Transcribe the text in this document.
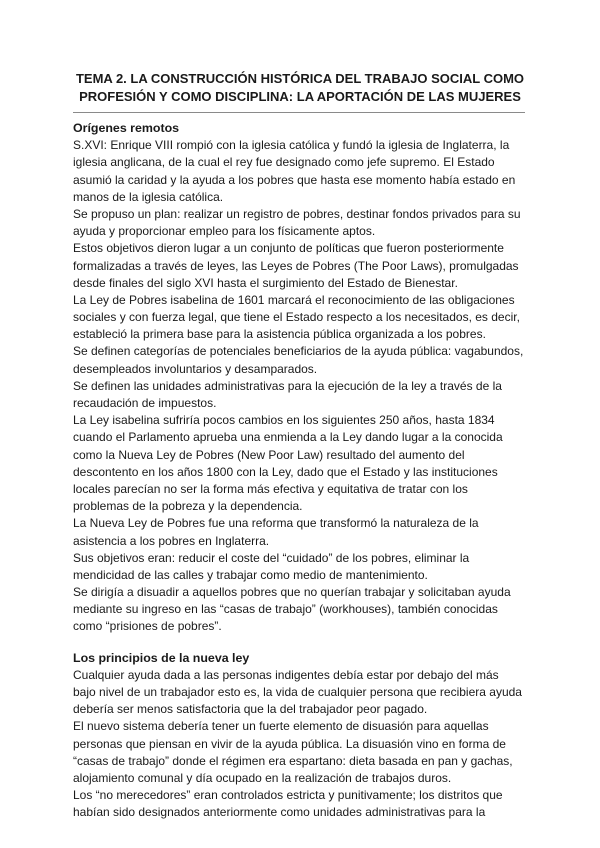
TEMA 2. LA CONSTRUCCIÓN HISTÓRICA DEL TRABAJO SOCIAL COMO
PROFESIÓN Y COMO DISCIPLINA: LA APORTACIÓN DE LAS MUJERES
Orígenes remotos
S.XVI: Enrique VIII rompió con la iglesia católica y fundó la iglesia de Inglaterra, la
iglesia anglicana, de la cual el rey fue designado como jefe supremo. El Estado
asumió la caridad y la ayuda a los pobres que hasta ese momento había estado en
manos de la iglesia católica.
Se propuso un plan: realizar un registro de pobres, destinar fondos privados para su
ayuda y proporcionar empleo para los físicamente aptos.
Estos objetivos dieron lugar a un conjunto de políticas que fueron posteriormente
formalizadas a través de leyes, las Leyes de Pobres (The Poor Laws), promulgadas
desde finales del siglo XVI hasta el surgimiento del Estado de Bienestar.
La Ley de Pobres isabelina de 1601 marcará el reconocimiento de las obligaciones
sociales y con fuerza legal, que tiene el Estado respecto a los necesitados, es decir,
estableció la primera base para la asistencia pública organizada a los pobres.
Se definen categorías de potenciales beneficiarios de la ayuda pública: vagabundos,
desempleados involuntarios y desamparados.
Se definen las unidades administrativas para la ejecución de la ley a través de la
recaudación de impuestos.
La Ley isabelina sufriría pocos cambios en los siguientes 250 años, hasta 1834
cuando el Parlamento aprueba una enmienda a la Ley dando lugar a la conocida
como la Nueva Ley de Pobres (New Poor Law) resultado del aumento del
descontento en los años 1800 con la Ley, dado que el Estado y las instituciones
locales parecían no ser la forma más efectiva y equitativa de tratar con los
problemas de la pobreza y la dependencia.
La Nueva Ley de Pobres fue una reforma que transformó la naturaleza de la
asistencia a los pobres en Inglaterra.
Sus objetivos eran: reducir el coste del “cuidado” de los pobres, eliminar la
mendicidad de las calles y trabajar como medio de mantenimiento.
Se dirigía a disuadir a aquellos pobres que no querían trabajar y solicitaban ayuda
mediante su ingreso en las “casas de trabajo” (workhouses), también conocidas
como “prisiones de pobres”.
Los principios de la nueva ley
Cualquier ayuda dada a las personas indigentes debía estar por debajo del más
bajo nivel de un trabajador esto es, la vida de cualquier persona que recibiera ayuda
debería ser menos satisfactoria que la del trabajador peor pagado.
El nuevo sistema debería tener un fuerte elemento de disuasión para aquellas
personas que piensan en vivir de la ayuda pública. La disuasión vino en forma de
“casas de trabajo” donde el régimen era espartano: dieta basada en pan y gachas,
alojamiento comunal y día ocupado en la realización de trabajos duros.
Los “no merecedores” eran controlados estricta y punitivamente; los distritos que
habían sido designados anteriormente como unidades administrativas para la
